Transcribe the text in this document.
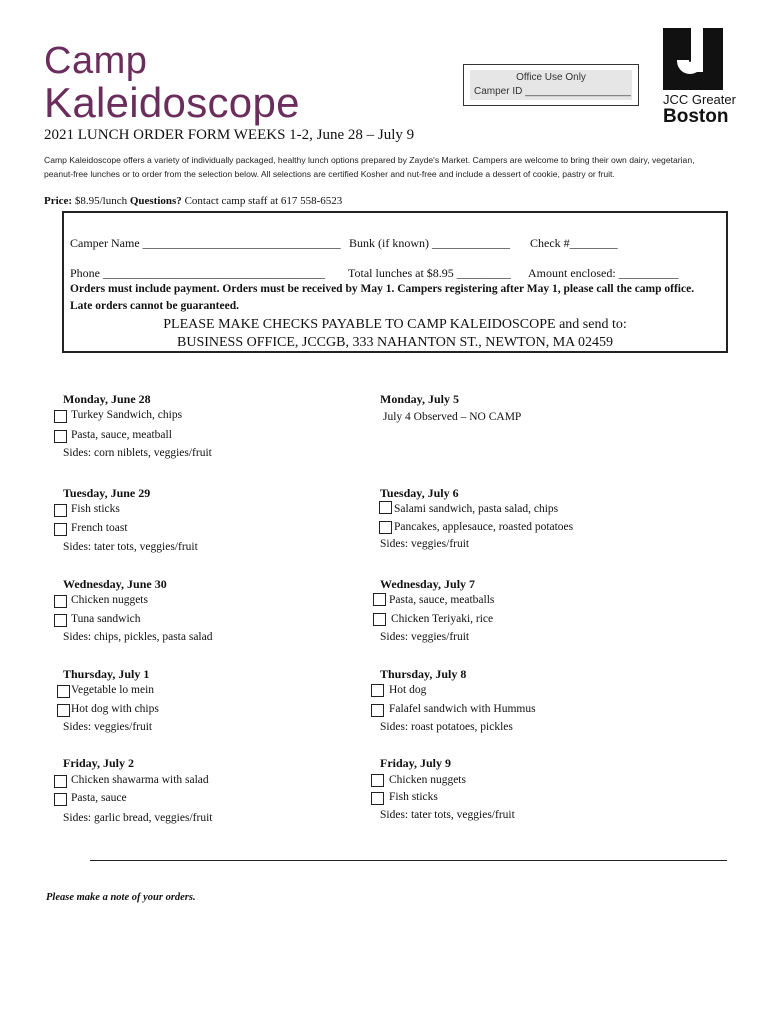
Camp
Kaleidoscope
Office Use Only
Camper ID ___________________
JCC Greater
Boston
2021 LUNCH ORDER FORM WEEKS 1-2, June 28 – July 9
Camp Kaleidoscope offers a variety of individually packaged, healthy lunch options prepared by Zayde's Market. Campers are welcome to bring their own dairy, vegetarian, peanut-free lunches or to order from the selection below. All selections are certified Kosher and nut-free and include a dessert of cookie, pastry or fruit.
Price: $8.95/lunch Questions? Contact camp staff at 617 558-6523
Camper Name _________________________________ Bunk (if known) _____________ Check #________
Phone _____________________________________ Total lunches at $8.95 _________ Amount enclosed: __________
Orders must include payment. Orders must be received by May 1. Campers registering after May 1, please call the camp office. Late orders cannot be guaranteed.
PLEASE MAKE CHECKS PAYABLE TO CAMP KALEIDOSCOPE and send to:
BUSINESS OFFICE, JCCGB, 333 NAHANTON ST., NEWTON, MA 02459
Monday, June 28
Turkey Sandwich, chips
Pasta, sauce, meatball
Sides: corn niblets, veggies/fruit
Tuesday, June 29
Fish sticks
French toast
Sides: tater tots, veggies/fruit
Wednesday, June 30
Chicken nuggets
Tuna sandwich
Sides: chips, pickles, pasta salad
Thursday, July 1
Vegetable lo mein
Hot dog with chips
Sides: veggies/fruit
Friday, July 2
Chicken shawarma with salad
Pasta, sauce
Sides: garlic bread, veggies/fruit
Monday, July 5
July 4 Observed – NO CAMP
Tuesday, July 6
Salami sandwich, pasta salad, chips
Pancakes, applesauce, roasted potatoes
Sides: veggies/fruit
Wednesday, July 7
Pasta, sauce, meatballs
Chicken Teriyaki, rice
Sides: veggies/fruit
Thursday, July 8
Hot dog
Falafel sandwich with Hummus
Sides: roast potatoes, pickles
Friday, July 9
Chicken nuggets
Fish sticks
Sides: tater tots, veggies/fruit
Please make a note of your orders.
